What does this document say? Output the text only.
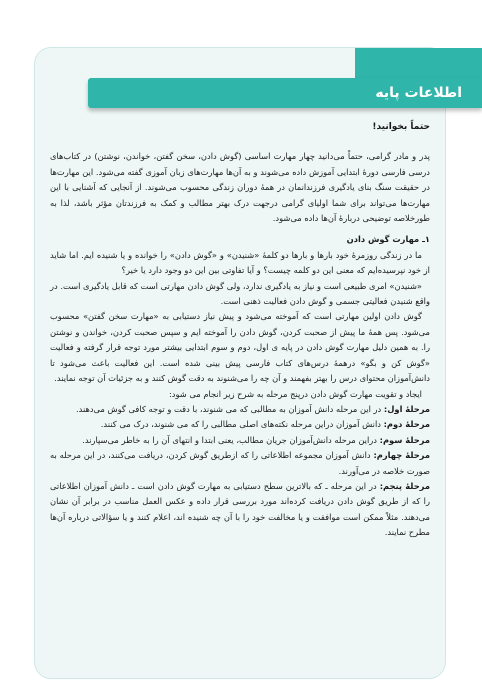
اطلاعات پایه

حتماً بخوانید!

پدر و مادر گرامی، حتماً می‌دانید چهار مهارت اساسی (گوش دادن، سخن گفتن، خواندن، نوشتن) در کتاب‌های درسی فارسی دورهٔ ابتدایی آموزش داده می‌شوند و به آن‌ها مهارت‌های زبان آموزی گفته می‌شود. این مهارت‌ها در حقیقت سنگ بنای یادگیری فرزندانمان در همهٔ دوران زندگی محسوب می‌شوند. از آنجایی که آشنایی با این مهارت‌ها می‌تواند برای شما اولیای گرامی درجهت درک بهتر مطالب و کمک به فرزندتان مؤثر باشد، لذا به طورخلاصه توضیحی دربارهٔ آن‌ها داده می‌شود.

۱ـ مهارت گوش دادن

ما در زندگی روزمرهٔ خود بارها و بارها دو کلمهٔ «شنیدن» و «گوش دادن» را خوانده و یا شنیده ایم. اما شاید از خود نپرسیده‌ایم که معنی این دو کلمه چیست؟ و آیا تفاوتی بین این دو وجود دارد یا خیر؟

«شنیدن» امری طبیعی است و نیاز به یادگیری ندارد، ولی گوش دادن مهارتی است که قابل یادگیری است. در واقع شنیدن فعالیتی جسمی و گوش دادن فعالیت ذهنی است.

گوش دادن اولین مهارتی است که آموخته می‌شود و پیش نیاز دستیابی به «مهارت سخن گفتن» محسوب می‌شود. پس همهٔ ما پیش از صحبت کردن، گوش دادن را آموخته ایم و سپس صحبت کردن، خواندن و نوشتن را. به همین دلیل مهارت گوش دادن در پایه ی اول، دوم و سوم ابتدایی بیشتر مورد توجه قرار گرفته و فعالیت «گوش کن و بگو» درهمهٔ درس‌های کتاب فارسی پیش بینی شده است. این فعالیت باعث می‌شود تا دانش‌آموزان محتوای درس را بهتر بفهمند و آن چه را می‌شنوند به دقت گوش کنند و به جزئیات آن توجه نمایند.

ایجاد و تقویت مهارت گوش دادن درپنج مرحله به شرح زیر انجام می شود:

مرحلهٔ اول: در این مرحله دانش آموزان به مطالبی که می شنوند، با دقت و توجه کافی گوش می‌دهند.

مرحلهٔ دوم: دانش آموزان دراین مرحله نکته‌های اصلی مطالبی را که می شنوند، درک می کنند.

مرحلهٔ سوم: دراین مرحله دانش‌آموزان جریان مطالب، یعنی ابتدا و انتهای آن را به خاطر می‌سپارند.

مرحلهٔ چهارم: دانش آموزان مجموعه اطلاعاتی را که ازطریق گوش کردن، دریافت می‌کنند، در این مرحله به صورت خلاصه در می‌آورند.

مرحلهٔ پنجم: در این مرحله ـ که بالاترین سطح دستیابی به مهارت گوش دادن است ـ دانش آموزان اطلاعاتی را که از طریق گوش دادن دریافت کرده‌اند مورد بررسی قرار داده و عکس العمل مناسب در برابر آن نشان می‌دهند. مثلاً ممکن است موافقت و یا مخالفت خود را با آن چه شنیده اند، اعلام کنند و یا سؤالاتی درباره آن‌ها مطرح نمایند.
